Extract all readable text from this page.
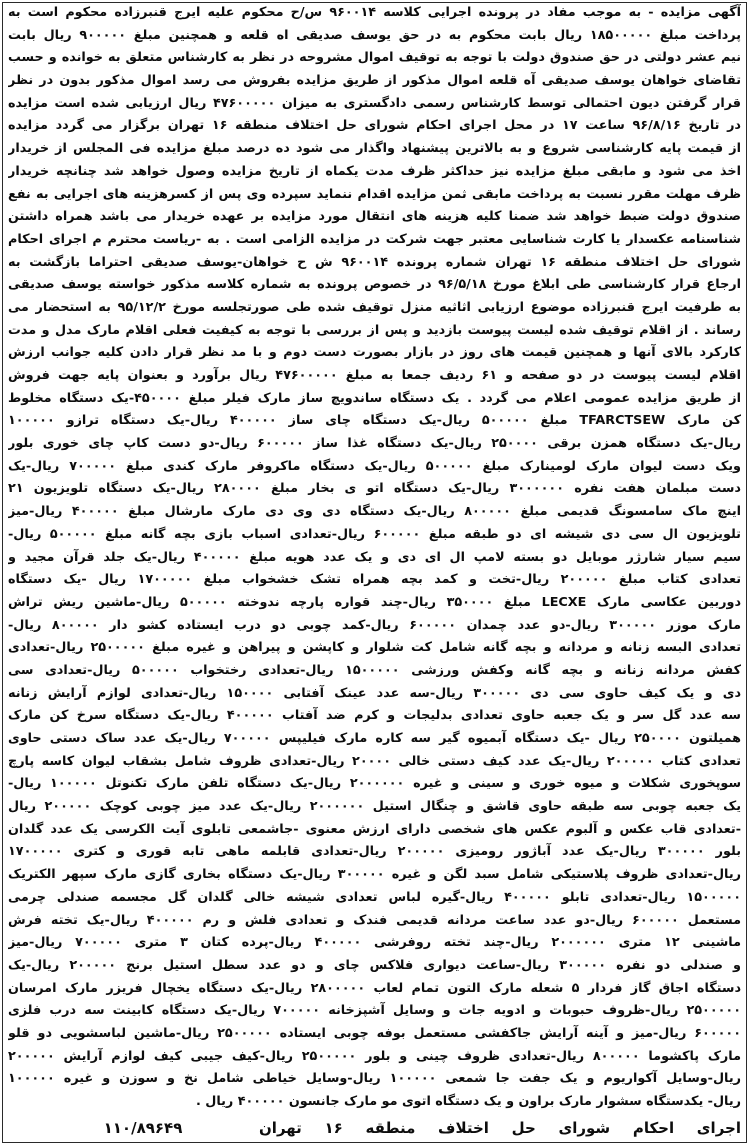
آگهی مزایده - به موجب مفاد در پرونده اجرایی کلاسه ۹۶۰۰۱۴ س/ح محکوم علیه ایرج قنبرزاده محکوم است به
پرداخت مبلغ ۱۸۵۰۰۰۰۰ ریال بابت محکوم به در حق یوسف صدیقی اه قلعه و همچنین مبلغ ۹۰۰۰۰۰ ریال بابت
نیم عشر دولتی در حق صندوق دولت با توجه به توقیف اموال مشروحه در نظر به کارشناس متعلق به خوانده و حسب
تقاضای خواهان یوسف صدیقی آه قلعه اموال مذکور از طریق مزایده بفروش می رسد اموال مذکور بدون در نظر
قرار گرفتن دیون احتمالی توسط کارشناس رسمی دادگستری به میزان ۴۷۶۰۰۰۰۰ ریال ارزیابی شده است مزایده
در تاریخ ۹۶/۸/۱۶ ساعت ۱۷ در محل اجرای احکام شورای حل اختلاف منطقه ۱۶ تهران برگزار می گردد مزایده
از قیمت پایه کارشناسی شروع و به بالاترین پیشنهاد واگذار می شود ده درصد مبلغ مزایده فی المجلس از خریدار
اخذ می شود و مابقی مبلغ مزایده نیز حداکثر ظرف مدت یکماه از تاریخ مزایده وصول خواهد شد چنانچه خریدار
ظرف مهلت مقرر نسبت به پرداخت مابقی ثمن مزایده اقدام ننماید سپرده وی پس از کسرهزینه های اجرایی به نفع
صندوق دولت ضبط خواهد شد ضمنا کلیه هزینه های انتقال مورد مزایده بر عهده خریدار می باشد همراه داشتن
شناسنامه عکسدار یا کارت شناسایی معتبر جهت شرکت در مزایده الزامی است . به -ریاست محترم م اجرای احکام
شورای حل اختلاف منطقه ۱۶ تهران شماره پرونده ۹۶۰۰۱۴ ش ح خواهان-یوسف صدیقی احتراما بازگشت به
ارجاع قرار کارشناسی طی ابلاغ مورخ ۹۶/۵/۱۸ در خصوص پرونده به شماره کلاسه مذکور خواسته یوسف صدیقی
به طرفیت ایرج قنبرزاده موضوع ارزیابی اثاثیه منزل توقیف شده طی صورتجلسه مورخ ۹۵/۱۲/۲ به استحضار می
رساند . از اقلام توقیف شده لیست پیوست بازدید و پس از بررسی با توجه به کیفیت فعلی اقلام مارک مدل و مدت
کارکرد بالای آنها و همچنین قیمت های روز در بازار بصورت دست دوم و با مد نظر قرار دادن کلیه جوانب ارزش
اقلام لیست پیوست در دو صفحه و ۶۱ ردیف جمعا به مبلغ ۴۷۶۰۰۰۰۰ ریال برآورد و بعنوان پایه جهت فروش
از طریق مزایده عمومی اعلام می گردد . یک دستگاه ساندویچ ساز مارک فیلر مبلغ ۴۵۰۰۰۰-یک دستگاه مخلوط
کن مارک TFARCTSEW مبلغ ۵۰۰۰۰۰ ریال-یک دستگاه چای ساز ۴۰۰۰۰۰ ریال-یک دستگاه ترازو ۱۰۰۰۰۰
ریال-یک دستگاه همزن برقی ۲۵۰۰۰۰ ریال-یک دستگاه غذا ساز ۶۰۰۰۰۰ ریال-دو دست کاپ چای خوری بلور
ویک دست لیوان مارک لومینارک مبلغ ۵۰۰۰۰۰ ریال-یک دستگاه ماکروفر مارک کندی مبلغ ۷۰۰۰۰۰ ریال-یک
دست مبلمان هفت نفره ۳۰۰۰۰۰۰ ریال-یک دستگاه اتو ی بخار مبلغ ۲۸۰۰۰۰ ریال-یک دستگاه تلویزیون ۲۱
اینچ ماک سامسونگ قدیمی مبلغ ۸۰۰۰۰۰ ریال-یک دستگاه دی وی دی مارک مارشال مبلغ ۴۰۰۰۰۰ ریال-میز
تلویزیون ال سی دی شیشه ای دو طبقه مبلغ ۶۰۰۰۰۰ ریال-تعدادی اسباب بازی بچه گانه مبلغ ۵۰۰۰۰۰ ریال-
سیم سیار شارژر موبایل دو بسته لامپ ال ای دی و یک عدد هویه مبلغ ۴۰۰۰۰۰ ریال-یک جلد قرآن مجید و
تعدادی کتاب مبلغ ۲۰۰۰۰۰ ریال-تخت و کمد بچه همراه تشک خشخواب مبلغ ۱۷۰۰۰۰۰ ریال -یک دستگاه
دوربین عکاسی مارک LECXE مبلغ ۳۵۰۰۰۰ ریال-چند قواره پارچه ندوخته ۵۰۰۰۰۰ ریال-ماشین ریش تراش
مارک موزر ۳۰۰۰۰۰ ریال-دو عدد چمدان ۶۰۰۰۰۰ ریال-کمد چوبی دو درب ایستاده کشو دار ۸۰۰۰۰۰ ریال-
تعدادی البسه زنانه و مردانه و بچه گانه شامل کت شلوار و کاپشن و پیراهن و غیره مبلغ ۲۵۰۰۰۰۰ ریال-تعدادی
کفش مردانه زنانه و بچه گانه وکفش ورزشی ۱۵۰۰۰۰۰ ریال-تعدادی رختخواب ۵۰۰۰۰۰ ریال-تعدادی سی
دی و یک کیف حاوی سی دی ۳۰۰۰۰۰ ریال-سه عدد عینک آفتابی ۱۵۰۰۰۰ ریال-تعدادی لوازم آرایش زنانه
سه عدد گل سر و یک جعبه حاوی تعدادی بدلیجات و کرم ضد آفتاب ۴۰۰۰۰۰ ریال-یک دستگاه سرخ کن مارک
همیلتون ۲۵۰۰۰۰ ریال -یک دستگاه آبمیوه گیر سه کاره مارک فیلیپس ۷۰۰۰۰۰ ریال-یک عدد ساک دستی حاوی
تعدادی کتاب ۲۰۰۰۰۰ ریال-یک عدد کیف دستی خالی ۲۰۰۰۰ ریال-تعدادی ظروف شامل بشقاب لیوان کاسه پارچ
سوپخوری شکلات و میوه خوری و سینی و غیره ۲۰۰۰۰۰۰ ریال-یک دستگاه تلفن مارک تکنوتل ۱۰۰۰۰۰ ریال-
یک جعبه چوبی سه طبقه حاوی قاشق و چنگال استیل ۲۰۰۰۰۰۰ ریال-یک عدد میز چوبی کوچک ۲۰۰۰۰۰ ریال
-تعدادی قاب عکس و آلبوم عکس های شخصی دارای ارزش معنوی -جاشمعی تابلوی آیت الکرسی یک عدد گلدان
بلور ۳۰۰۰۰۰ ریال-یک عدد آباژور رومیزی ۲۰۰۰۰۰ ریال-تعدادی قابلمه ماهی تابه قوری و کتری ۱۷۰۰۰۰۰
ریال-تعدادی ظروف پلاستیکی شامل سبد لگن و غیره ۳۰۰۰۰۰ ریال-یک دستگاه بخاری گازی مارک سپهر الکتریک
۱۵۰۰۰۰۰ ریال-تعدادی تابلو ۴۰۰۰۰۰ ریال-گیره لباس تعدادی شیشه خالی گلدان گل مجسمه صندلی چرمی
مستعمل ۶۰۰۰۰۰ ریال-دو عدد ساعت مردانه قدیمی فندک و تعدادی فلش و رم ۴۰۰۰۰۰ ریال-یک تخته فرش
ماشینی ۱۲ متری ۲۰۰۰۰۰۰ ریال-چند تخته روفرشی ۴۰۰۰۰۰ ریال-پرده کتان ۳ متری ۷۰۰۰۰۰ ریال-میز
و صندلی دو نفره ۳۰۰۰۰۰ ریال-ساعت دیواری فلاکس چای و دو عدد سطل استیل برنج ۲۰۰۰۰۰ ریال-یک
دستگاه اجاق گاز فردار ۵ شعله مارک التون تمام لعاب ۲۸۰۰۰۰۰ ریال-یک دستگاه یخچال فریزر مارک امرسان
۲۵۰۰۰۰۰ ریال-ظروف حبوبات و ادویه جات و وسایل آشپزخانه ۷۰۰۰۰۰ ریال-یک دستگاه کابینت سه درب فلزی
۶۰۰۰۰۰ ریال-میز و آینه آرایش جاکفشی مستعمل بوفه چوبی ایستاده ۲۵۰۰۰۰۰ ریال-ماشین لباسشویی دو قلو
مارک پاکشوما ۸۰۰۰۰۰ ریال-تعدادی ظروف چینی و بلور ۲۵۰۰۰۰۰ ریال-کیف جیبی کیف لوازم آرایش ۲۰۰۰۰۰
ریال-وسایل آکواریوم و یک جفت جا شمعی ۱۰۰۰۰۰ ریال-وسایل خیاطی شامل نخ و سوزن و غیره ۱۰۰۰۰۰
ریال- یکدستگاه سشوار مارک براون و یک دستگاه اتوی مو مارک جانسون ۴۰۰۰۰۰ ریال .
اجرای احکام شورای حل اختلاف منطقه ۱۶ تهران
۱۱۰/۸۹۶۴۹
